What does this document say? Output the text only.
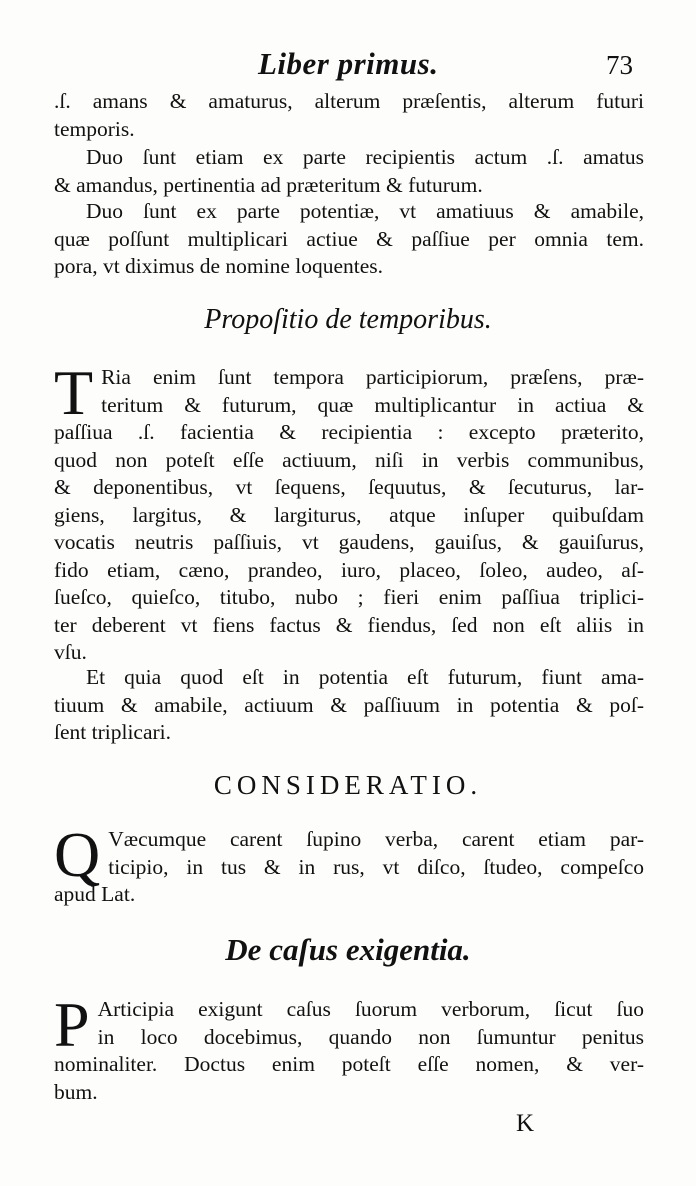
Liber primus.	73
.ſ. amans & amaturus, alterum præſentis, alterum futuri
temporis.
Duo ſunt etiam ex parte recipientis actum .ſ. amatus
& amandus, pertinentia ad præteritum & futurum.
Duo ſunt ex parte potentiæ, vt amatiuus & amabile,
quæ poſſunt multiplicari actiue & paſſiue per omnia tem.
pora, vt diximus de nomine loquentes.
Propoſitio de temporibus.
T Ria enim ſunt tempora participiorum, præſens, præ-
teritum & futurum, quæ multiplicantur in actiua &
paſſiua .ſ. facientia & recipientia : excepto præterito,
quod non poteſt eſſe actiuum, niſi in verbis communibus,
& deponentibus, vt ſequens, ſequutus, & ſecuturus, lar-
giens, largitus, & largiturus, atque inſuper quibuſdam
vocatis neutris paſſiuis, vt gaudens, gauiſus, & gauiſurus,
fido etiam, cæno, prandeo, iuro, placeo, ſoleo, audeo, aſ-
ſueſco, quieſco, titubo, nubo ; fieri enim paſſiua triplici-
ter deberent vt fiens factus & fiendus, ſed non eſt aliis in
vſu.
Et quia quod eſt in potentia eſt futurum, fiunt ama-
tiuum & amabile, actiuum & paſſiuum in potentia & poſ-
ſent triplicari.
CONSIDERATIO.
Q Væcumque carent ſupino verba, carent etiam par-
ticipio, in tus & in rus, vt diſco, ſtudeo, compeſco
apud Lat.
De caſus exigentia.
P Articipia exigunt caſus ſuorum verborum, ſicut ſuo
in loco docebimus, quando non ſumuntur penitus
nominaliter. Doctus enim poteſt eſſe nomen, & ver-
bum.
K
